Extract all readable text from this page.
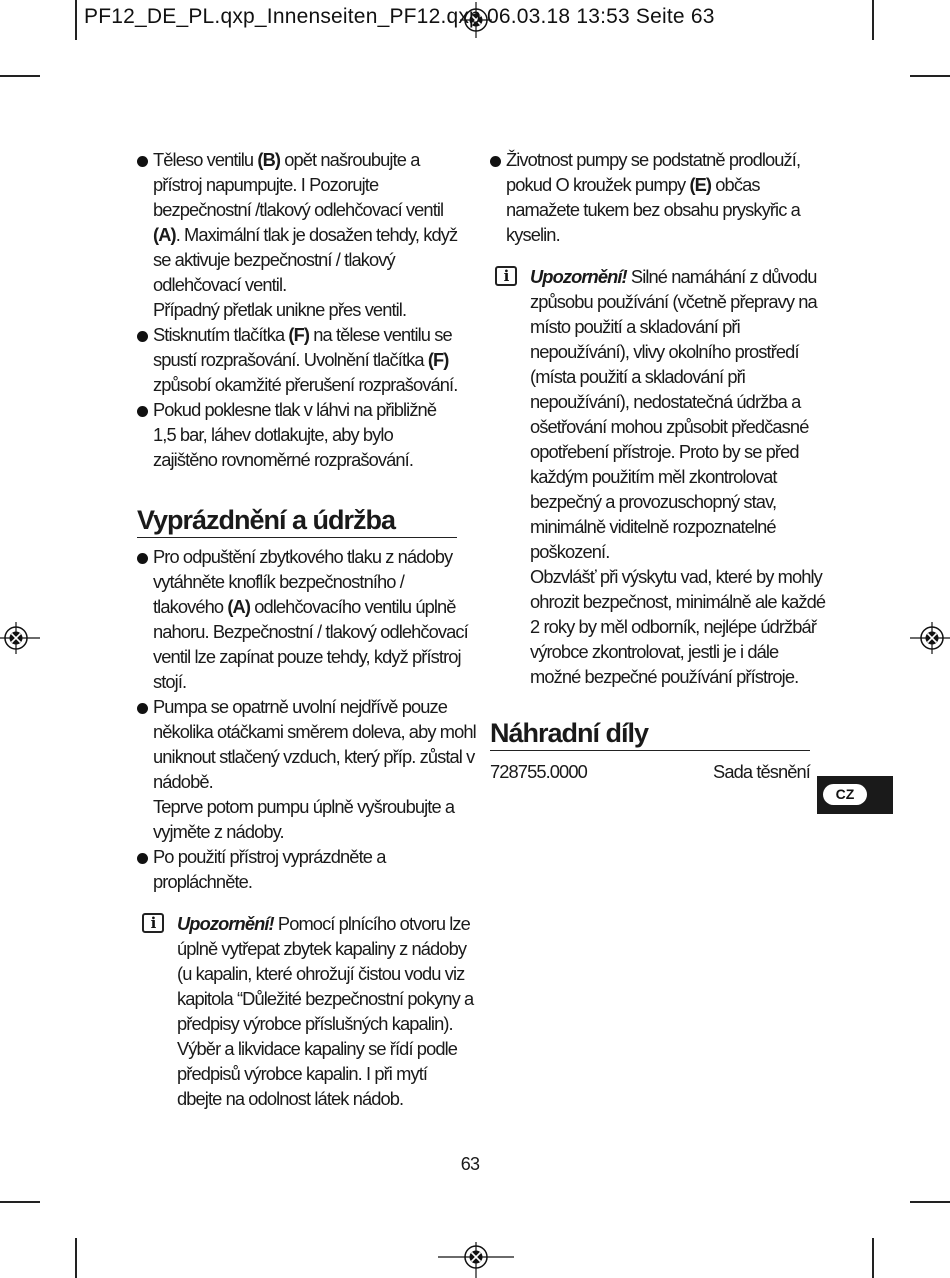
PF12_DE_PL.qxp_Innenseiten_PF12.qxp 06.03.18 13:53 Seite 63
Těleso ventilu (B) opět našroubujte a
přístroj napumpujte. I Pozorujte
bezpečnostní /tlakový odlehčovací ventil
(A). Maximální tlak je dosažen tehdy, když
se aktivuje bezpečnostní / tlakový
odlehčovací ventil.
Případný přetlak unikne přes ventil.
Stisknutím tlačítka (F) na tělese ventilu se
spustí rozprašování. Uvolnění tlačítka (F)
způsobí okamžité přerušení rozprašování.
Pokud poklesne tlak v láhvi na přibližně
1,5 bar, láhev dotlakujte, aby bylo
zajištěno rovnoměrné rozprašování.
Vyprázdnění a údržba
Pro odpuštění zbytkového tlaku z nádoby
vytáhněte knoflík bezpečnostního /
tlakového (A) odlehčovacího ventilu úplně
nahoru. Bezpečnostní / tlakový odlehčovací
ventil lze zapínat pouze tehdy, když přístroj
stojí.
Pumpa se opatrně uvolní nejdřívě pouze
několika otáčkami směrem doleva, aby mohl
uniknout stlačený vzduch, který příp. zůstal v
nádobě.
Teprve potom pumpu úplně vyšroubujte a
vyjměte z nádoby.
Po použití přístroj vyprázdněte a
propláchněte.
i	Upozornění! Pomocí plnícího otvoru lze
úplně vytřepat zbytek kapaliny z nádoby
(u kapalin, které ohrožují čistou vodu viz
kapitola “Důležité bezpečnostní pokyny a
předpisy výrobce příslušných kapalin).
Výběr a likvidace kapaliny se řídí podle
předpisů výrobce kapalin. I při mytí
dbejte na odolnost látek nádob.
Životnost pumpy se podstatně prodlouží,
pokud O kroužek pumpy (E) občas
namažete tukem bez obsahu pryskyřic a
kyselin.
i	Upozornění! Silné namáhání z důvodu
způsobu používání (včetně přepravy na
místo použití a skladování při
nepoužívání), vlivy okolního prostředí
(místa použití a skladování při
nepoužívání), nedostatečná údržba a
ošetřování mohou způsobit předčasné
opotřebení přístroje. Proto by se před
každým použitím měl zkontrolovat
bezpečný a provozuschopný stav,
minimálně viditelně rozpoznatelné
poškození.
Obzvlášť při výskytu vad, které by mohly
ohrozit bezpečnost, minimálně ale každé
2 roky by měl odborník, nejlépe údržbář
výrobce zkontrolovat, jestli je i dále
možné bezpečné používání přístroje.
Náhradní díly
728755.0000	Sada těsnění
CZ
63
